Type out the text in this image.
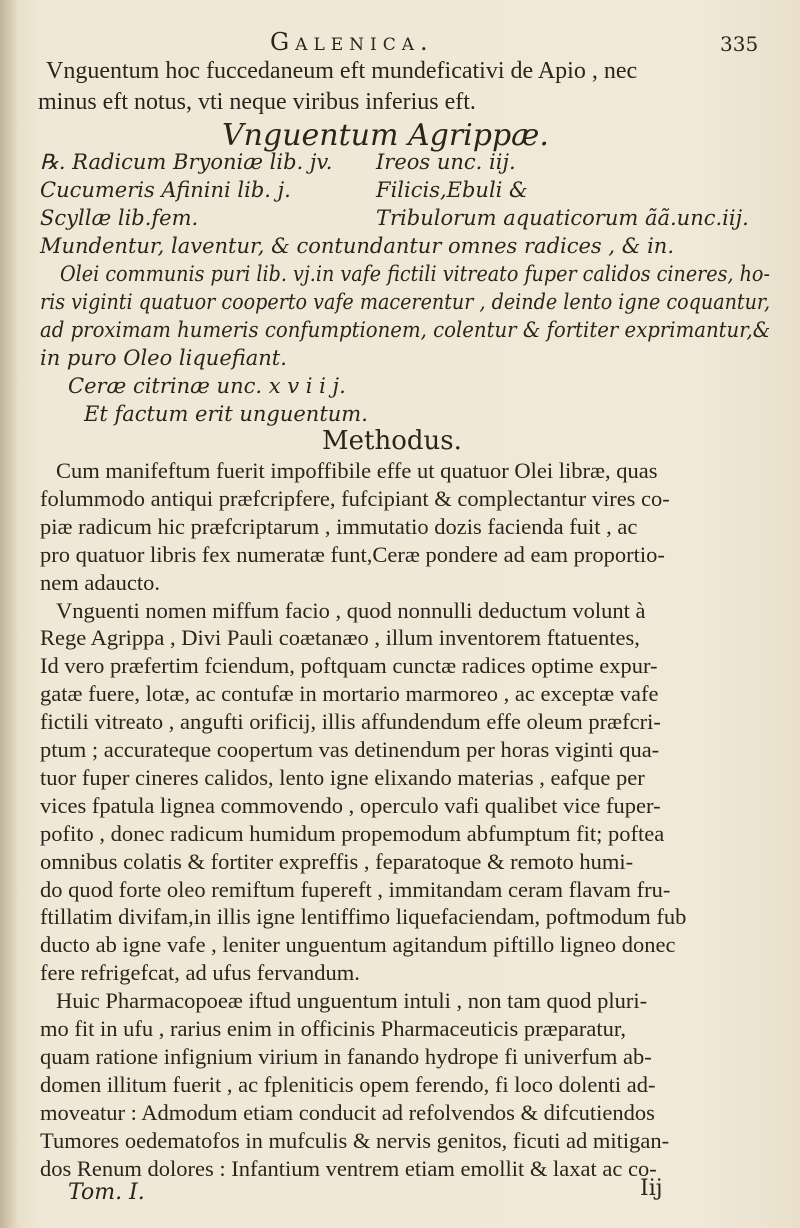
Galenica.	335
Vnguentum hoc fuccedaneum eft mundeficativi de Apio , nec
minus eft notus, vti neque viribus inferius eft.
Vnguentum Agrippæ.
℞. Radicum Bryoniæ lib. jv.
Cucumeris Afinini lib. j.
Scyllæ lib.fem.
Ireos unc. iij.
Filicis,Ebuli &
Tribulorum aquaticorum ãã.unc.iij.
Mundentur, laventur, & contundantur omnes radices , & in.
Olei communis puri lib. vj.in vafe fictili vitreato fuper calidos cineres, ho-
ris viginti quatuor cooperto vafe macerentur , deinde lento igne coquantur,
ad proximam humeris confumptionem, colentur & fortiter exprimantur,&
in puro Oleo liquefiant.
Ceræ citrinæ unc. x v i i j.
Et factum erit unguentum.
Methodus.
Cum manifeftum fuerit impoffibile effe ut quatuor Olei libræ, quas
folummodo antiqui præfcripfere, fufcipiant & complectantur vires co-
piæ radicum hic præfcriptarum , immutatio dozis facienda fuit , ac
pro quatuor libris fex numeratæ funt,Ceræ pondere ad eam proportio-
nem adaucto.
Vnguenti nomen miffum facio , quod nonnulli deductum volunt à
Rege Agrippa , Divi Pauli coætanæo , illum inventorem ftatuentes,
Id vero præfertim fciendum, poftquam cunctæ radices optime expur-
gatæ fuere, lotæ, ac contufæ in mortario marmoreo , ac exceptæ vafe
fictili vitreato , angufti orificij, illis affundendum effe oleum præfcri-
ptum ; accurateque coopertum vas detinendum per horas viginti qua-
tuor fuper cineres calidos, lento igne elixando materias , eafque per
vices fpatula lignea commovendo , operculo vafi qualibet vice fuper-
pofito , donec radicum humidum propemodum abfumptum fit; poftea
omnibus colatis & fortiter expreffis , feparatoque & remoto humi-
do quod forte oleo remiftum fupereft , immitandam ceram flavam fru-
ftillatim divifam,in illis igne lentiffimo liquefaciendam, poftmodum fub
ducto ab igne vafe , leniter unguentum agitandum piftillo ligneo donec
fere refrigefcat, ad ufus fervandum.
Huic Pharmacopoeæ iftud unguentum intuli , non tam quod pluri-
mo fit in ufu , rarius enim in officinis Pharmaceuticis præparatur,
quam ratione infignium virium in fanando hydrope fi univerfum ab-
domen illitum fuerit , ac fpleniticis opem ferendo, fi loco dolenti ad-
moveatur : Admodum etiam conducit ad refolvendos & difcutiendos
Tumores oedematofos in mufculis & nervis genitos, ficuti ad mitigan-
dos Renum dolores : Infantium ventrem etiam emollit & laxat ac co-
Tom. I.	Iij
